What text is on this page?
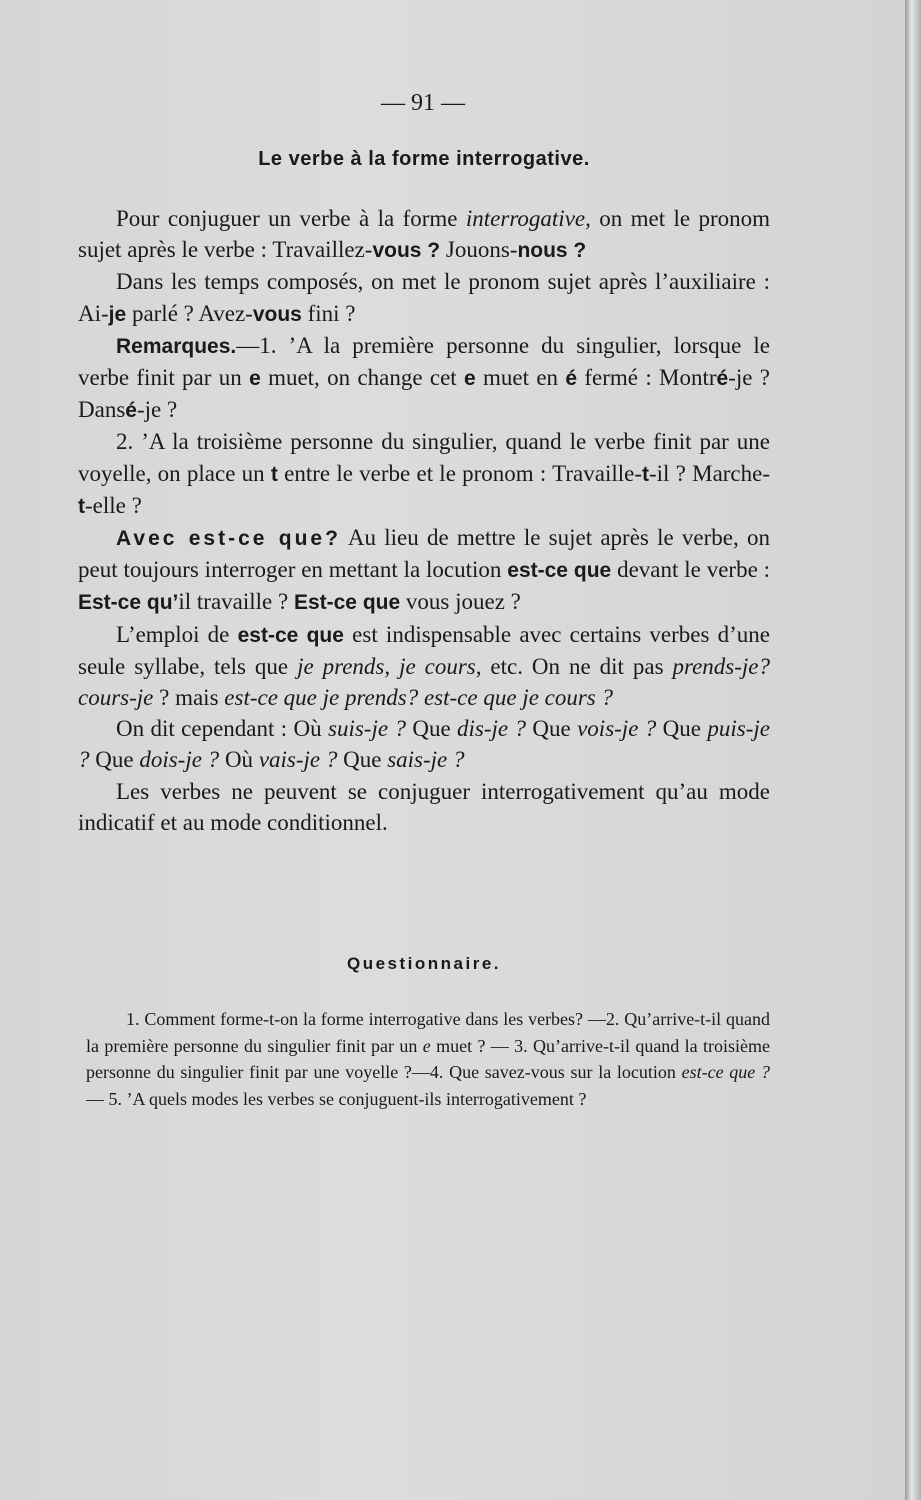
— 91 —
Le verbe à la forme interrogative.

Pour conjuguer un verbe à la forme interrogative, on met le pronom sujet après le verbe : Travaillez-vous ? Jouons-nous ?

Dans les temps composés, on met le pronom sujet après l’auxiliaire : Ai-je parlé ? Avez-vous fini ?

Remarques.—1. ’A la première personne du singulier, lorsque le verbe finit par un e muet, on change cet e muet en é fermé : Montré-je ? Dansé-je ?

2. ’A la troisième personne du singulier, quand le verbe finit par une voyelle, on place un t entre le verbe et le pronom : Travaille-t-il ? Marche-t-elle ?

Avec est-ce que? Au lieu de mettre le sujet après le verbe, on peut toujours interroger en mettant la locution est-ce que devant le verbe : Est-ce qu’il travaille ? Est-ce que vous jouez ?

L’emploi de est-ce que est indispensable avec certains verbes d’une seule syllabe, tels que je prends, je cours, etc. On ne dit pas prends-je? cours-je ? mais est-ce que je prends? est-ce que je cours ?

On dit cependant : Où suis-je ? Que dis-je ? Que vois-je ? Que puis-je ? Que dois-je ? Où vais-je ? Que sais-je ?

Les verbes ne peuvent se conjuguer interrogativement qu’au mode indicatif et au mode conditionnel.

Questionnaire.

1. Comment forme-t-on la forme interrogative dans les verbes? —2. Qu’arrive-t-il quand la première personne du singulier finit par un e muet ? — 3. Qu’arrive-t-il quand la troisième personne du singulier finit par une voyelle ?—4. Que savez-vous sur la locution est-ce que ? — 5. ’A quels modes les verbes se conjuguent-ils interrogativement ?
